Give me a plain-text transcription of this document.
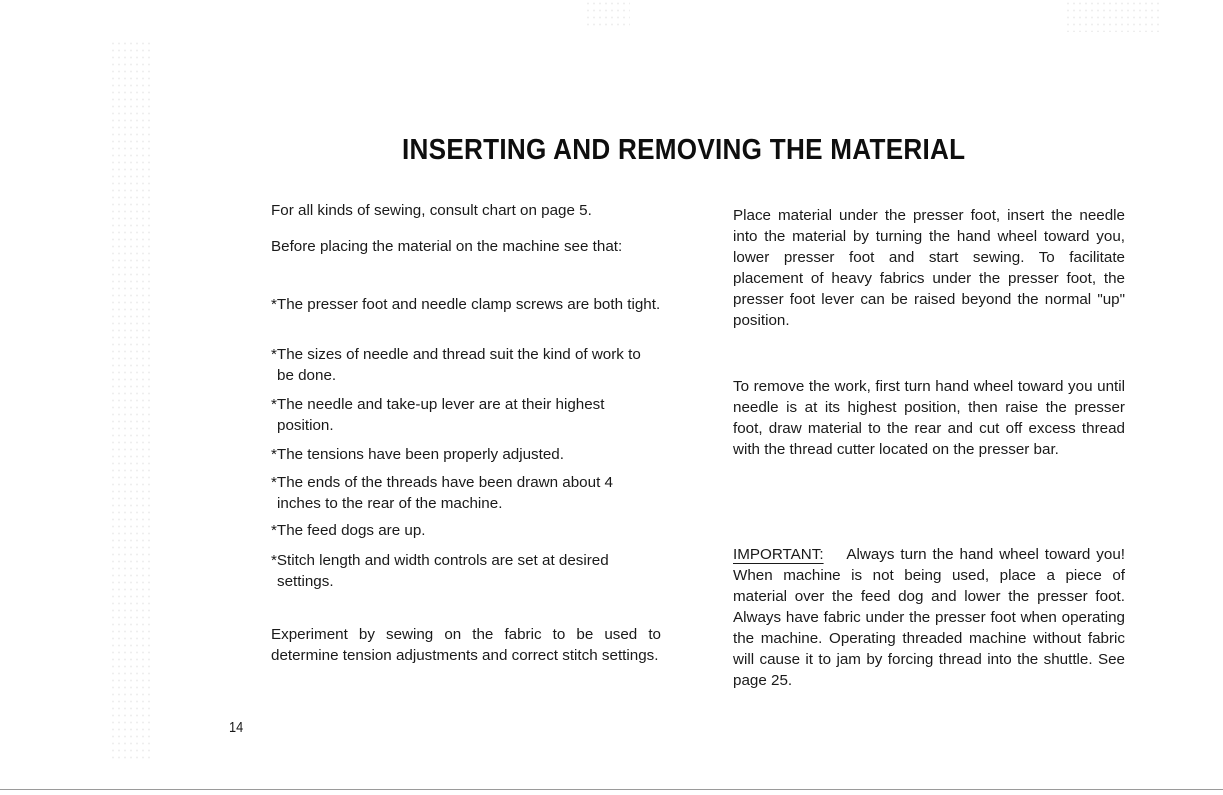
INSERTING AND REMOVING THE MATERIAL

For all kinds of sewing, consult chart on page 5.

Before placing the material on the machine see that:

*The presser foot and needle clamp screws are both tight.

*The sizes of needle and thread suit the kind of work to be done.

*The needle and take-up lever are at their highest position.

*The tensions have been properly adjusted.

*The ends of the threads have been drawn about 4 inches to the rear of the machine.

*The feed dogs are up.

*Stitch length and width controls are set at desired settings.

Experiment by sewing on the fabric to be used to determine tension adjustments and correct stitch settings.

Place material under the presser foot, insert the needle into the material by turning the hand wheel toward you, lower presser foot and start sewing. To facilitate placement of heavy fabrics under the presser foot, the presser foot lever can be raised beyond the normal "up" position.

To remove the work, first turn hand wheel toward you until needle is at its highest position, then raise the presser foot, draw material to the rear and cut off excess thread with the thread cutter located on the presser bar.

IMPORTANT: Always turn the hand wheel toward you! When machine is not being used, place a piece of material over the feed dog and lower the presser foot. Always have fabric under the presser foot when operating the machine. Operating threaded machine without fabric will cause it to jam by forcing thread into the shuttle. See page 25.

14
